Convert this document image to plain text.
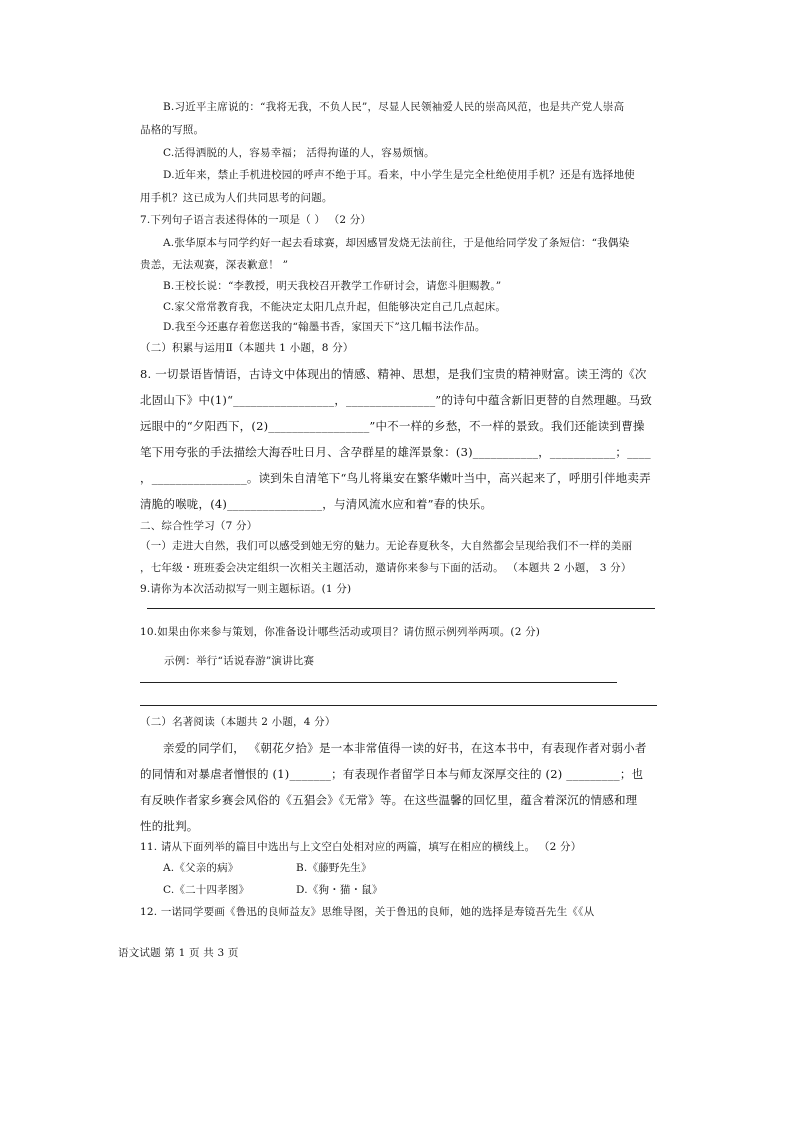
B.习近平主席说的：“我将无我，不负人民”，尽显人民领袖爱人民的崇高风范，也是共产党人崇高
品格的写照。
C.活得洒脱的人，容易幸福； 活得拘谨的人，容易烦恼。
D.近年来，禁止手机进校园的呼声不绝于耳。看来，中小学生是完全杜绝使用手机？还是有选择地使
用手机？这已成为人们共同思考的问题。
7.下列句子语言表述得体的一项是（ ） （2 分）
A.张华原本与同学约好一起去看球赛，却因感冒发烧无法前往，于是他给同学发了条短信：“我偶染
贵恙，无法观赛，深表歉意！ ”
B.王校长说：“李教授，明天我校召开教学工作研讨会，请您斗胆赐教。”
C.家父常常教育我，不能决定太阳几点升起，但能够决定自己几点起床。
D.我至今还惠存着您送我的“翰墨书香，家国天下”这几幅书法作品。
（二）积累与运用Ⅱ（本题共 1 小题，8 分）
8. 一切景语皆情语，古诗文中体现出的情感、精神、思想，是我们宝贵的精神财富。读王湾的《次
北固山下》中(1)“_________________，_______________”的诗句中蕴含新旧更替的自然理趣。马致
远眼中的“夕阳西下，(2)_________________”中不一样的乡愁，不一样的景致。我们还能读到曹操
笔下用夸张的手法描绘大海吞吐日月、含孕群星的雄浑景象：(3)___________，___________；____
，________________。读到朱自清笔下“鸟儿将巢安在繁华嫩叶当中，高兴起来了，呼朋引伴地卖弄
清脆的喉咙，(4)________________，与清风流水应和着”春的快乐。
二、综合性学习（7 分）
（一）走进大自然，我们可以感受到她无穷的魅力。无论春夏秋冬，大自然都会呈现给我们不一样的美丽
，七年级・班班委会决定组织一次相关主题活动，邀请你来参与下面的活动。 （本题共 2 小题， 3 分）
9.请你为本次活动拟写一则主题标语。(1 分)
10.如果由你来参与策划，你准备设计哪些活动或项目？请仿照示例列举两项。(2 分)
示例：举行“话说春游”演讲比赛
（二）名著阅读（本题共 2 小题，4 分）
亲爱的同学们， 《朝花夕拾》是一本非常值得一读的好书，在这本书中，有表现作者对弱小者
的同情和对暴虐者憎恨的 (1)_______；有表现作者留学日本与师友深厚交往的 (2) _________；也
有反映作者家乡赛会风俗的《五猖会》《无常》等。在这些温馨的回忆里，蕴含着深沉的情感和理
性的批判。
11. 请从下面列举的篇目中选出与上文空白处相对应的两篇，填写在相应的横线上。 （2 分）
A.《父亲的病》	B.《藤野先生》
C.《二十四孝图》	D.《狗・猫・鼠》
12. 一诺同学要画《鲁迅的良师益友》思维导图，关于鲁迅的良师，她的选择是寿镜吾先生《《从
语文试题 第 1 页 共 3 页
